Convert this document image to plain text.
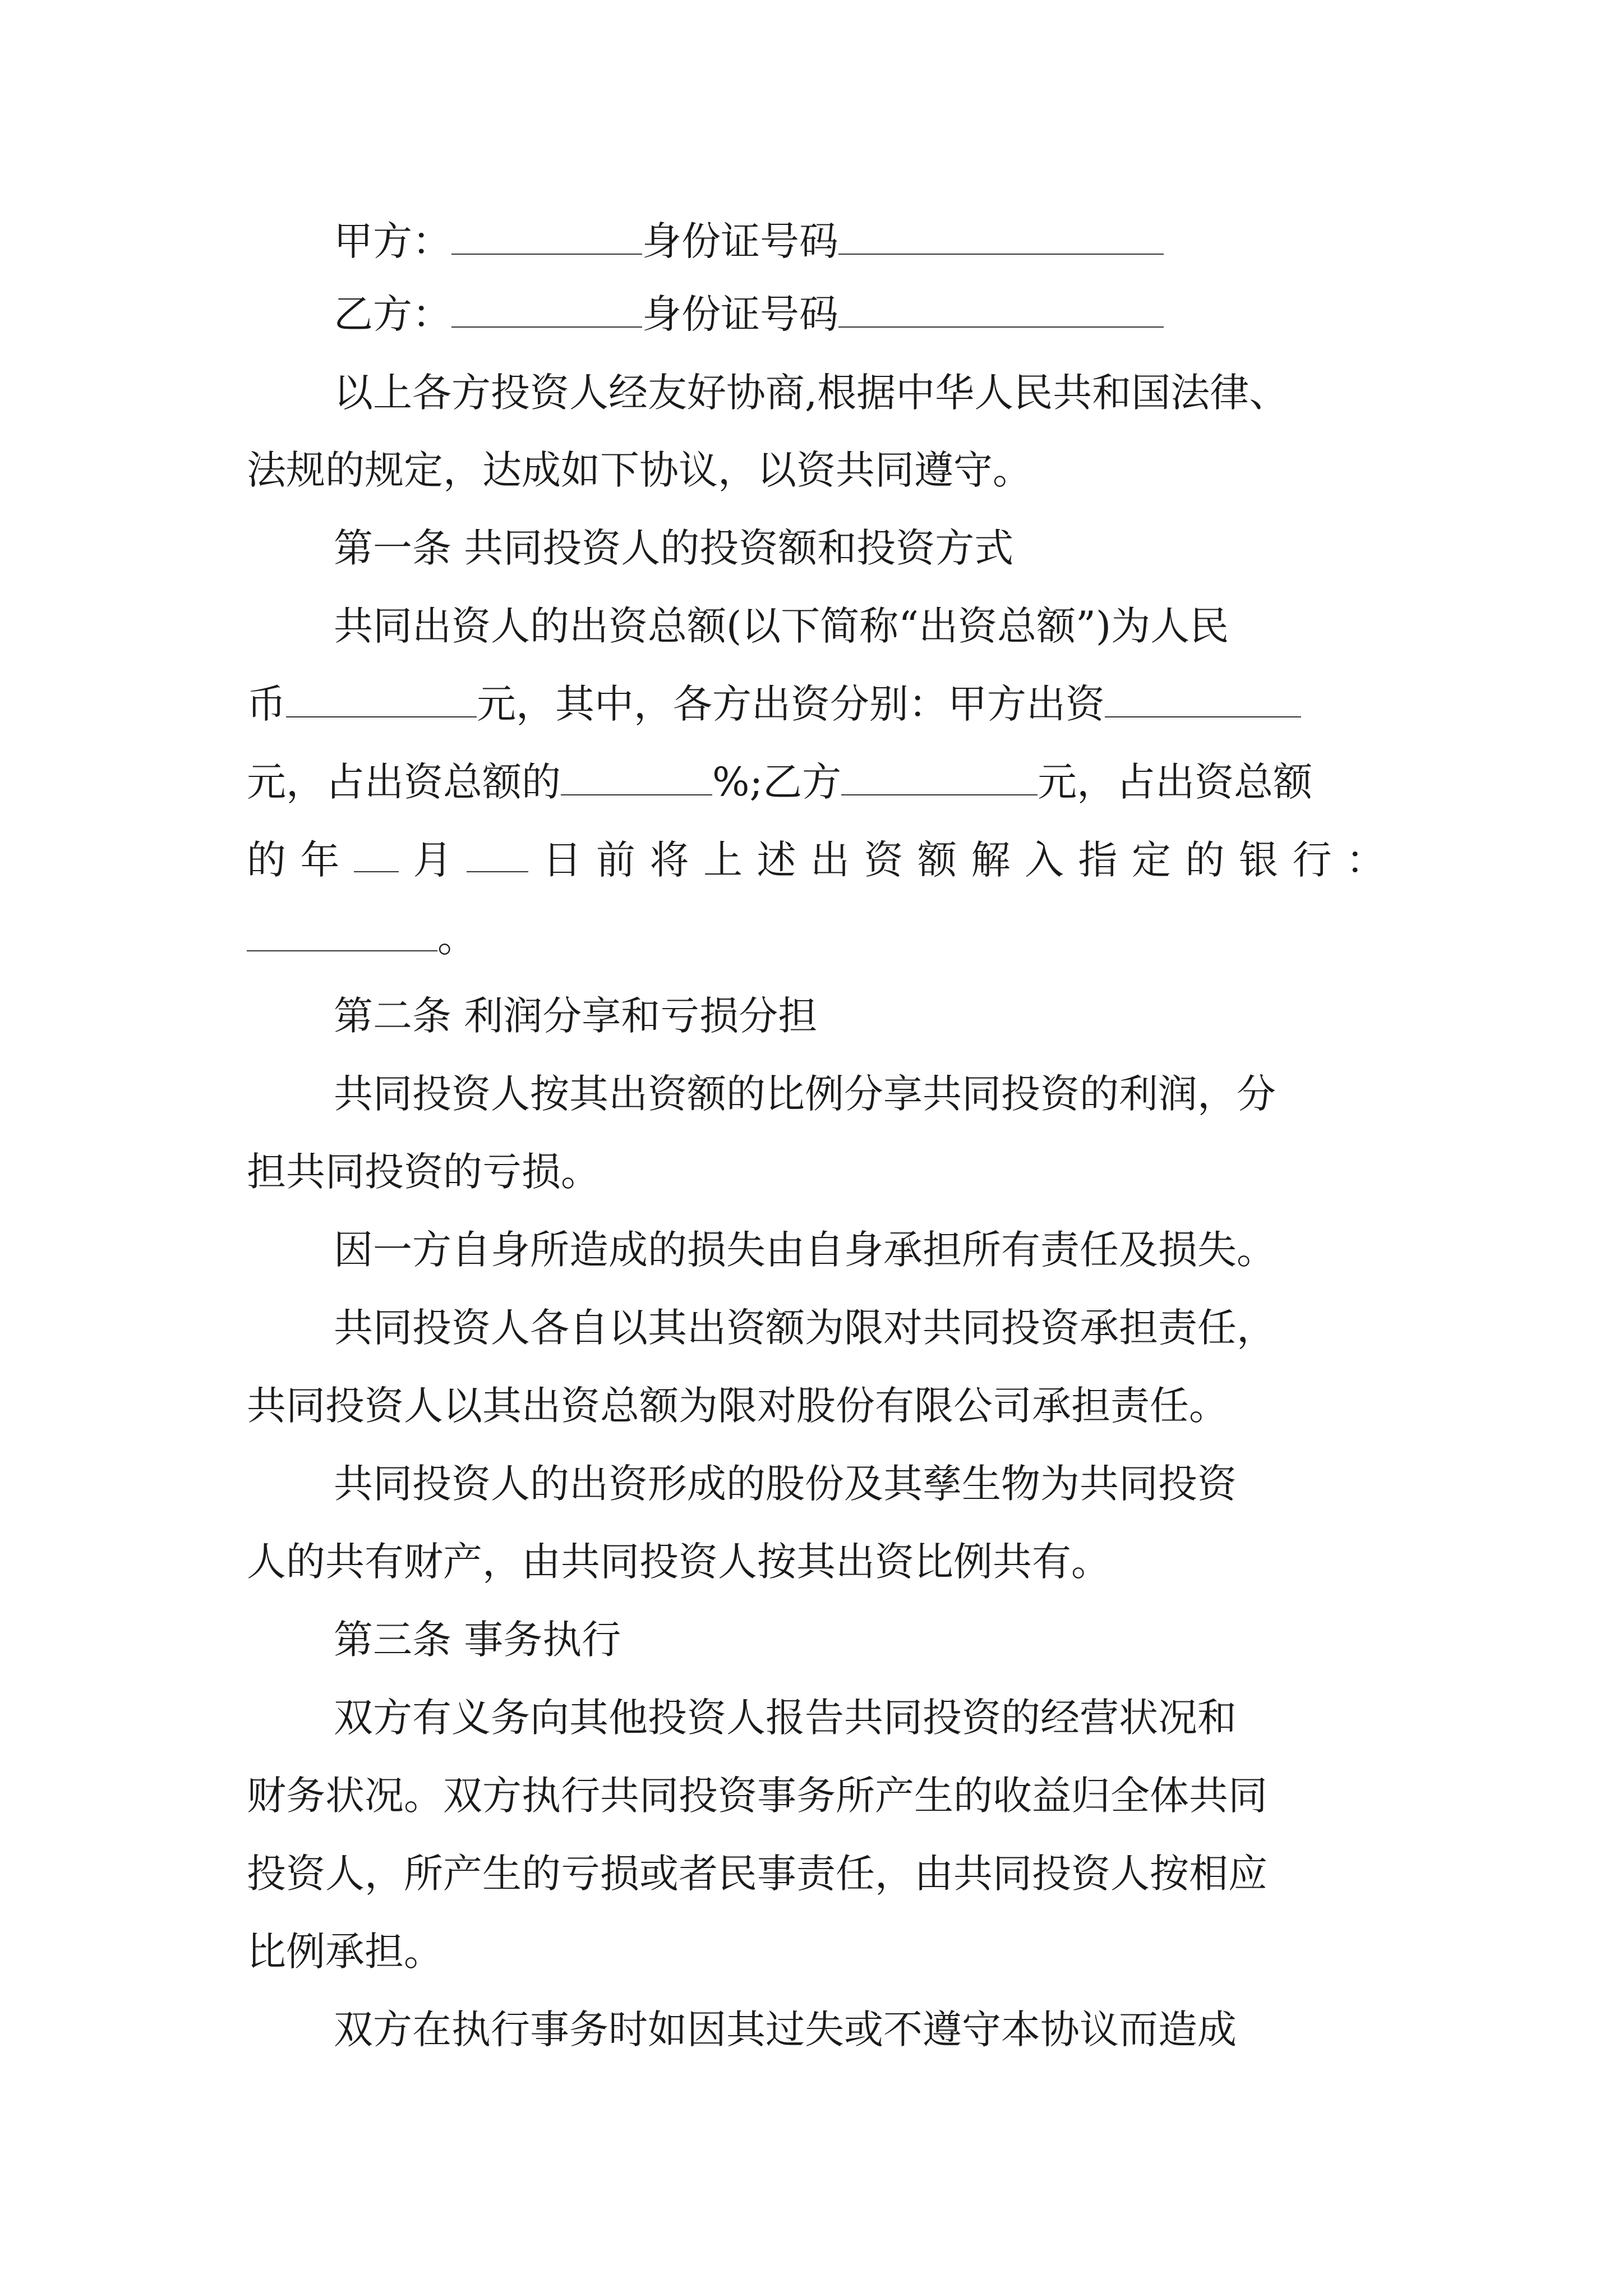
甲方：	身份证号码
乙方：	身份证号码
以上各方投资人经友好协商,根据中华人民共和国法律、
法规的规定，达成如下协议，以资共同遵守。
第一条 共同投资人的投资额和投资方式
共同出资人的出资总额(以下简称“出资总额”)为人民
币	元，其中，各方出资分别：甲方出资
元，占出资总额的	%;乙方	元，占出资总额
的 年 月 日 前 将 上 述 出 资 额 解 入 指 定 的 银 行 ：
。
第二条 利润分享和亏损分担
共同投资人按其出资额的比例分享共同投资的利润，分
担共同投资的亏损。
因一方自身所造成的损失由自身承担所有责任及损失。
共同投资人各自以其出资额为限对共同投资承担责任，
共同投资人以其出资总额为限对股份有限公司承担责任。
共同投资人的出资形成的股份及其孳生物为共同投资
人的共有财产，由共同投资人按其出资比例共有。
第三条 事务执行
双方有义务向其他投资人报告共同投资的经营状况和
财务状况。双方执行共同投资事务所产生的收益归全体共同
投资人，所产生的亏损或者民事责任，由共同投资人按相应
比例承担。
双方在执行事务时如因其过失或不遵守本协议而造成
